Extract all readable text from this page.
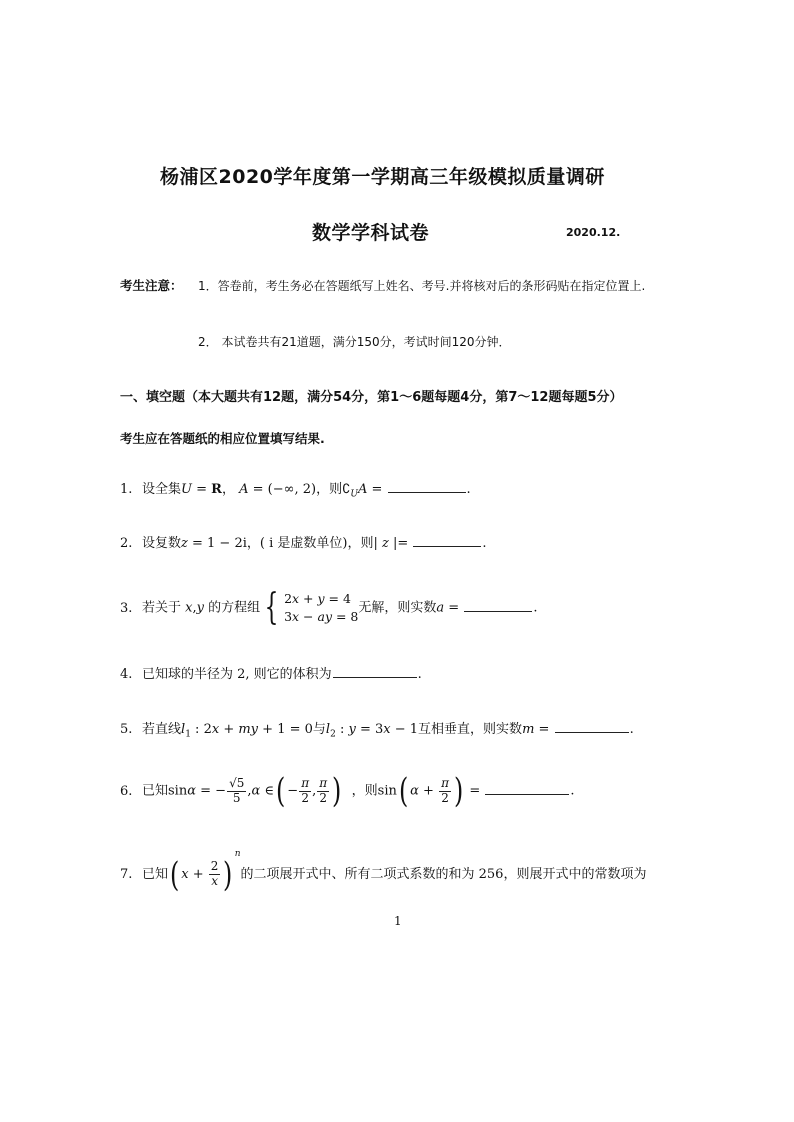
杨浦区2020学年度第一学期高三年级模拟质量调研
数学学科试卷	2020.12.
考生注意： 1．答卷前，考生务必在答题纸写上姓名、考号.并将核对后的条形码贴在指定位置上.
2． 本试卷共有21道题，满分150分，考试时间120分钟．
一、填空题（本大题共有12题，满分54分，第1～6题每题4分，第7～12题每题5分）
考生应在答题纸的相应位置填写结果.
1. 设全集U = R， A = (−∞, 2)，则$∁_UA$ =	.
2. 设复数z = 1 − 2i，( i 是虚数单位)，则| z |=	.
3. 若关于 x,y 的方程组 { 2x + y = 4
3x − ay = 8
无解，则实数a =	.
4. 已知球的半径为 2, 则它的体积为	.
5. 若直线$l_1$ : 2x + my + 1 = 0与$l_2$ : y = 3x − 1互相垂直，则实数m =	.
6. 已知sinα = − $\frac{√5}{5} ,\alpha$ ∈( − $\frac{\pi}{2}$ , $\frac{\pi}{2}$ ) ，则sin( $\alpha + \frac{\pi}{2}$ ) =	.
7. 已知( $x + \frac{2}{x} )^n$的二项展开式中、所有二项式系数的和为 256，则展开式中的常数项为
1
